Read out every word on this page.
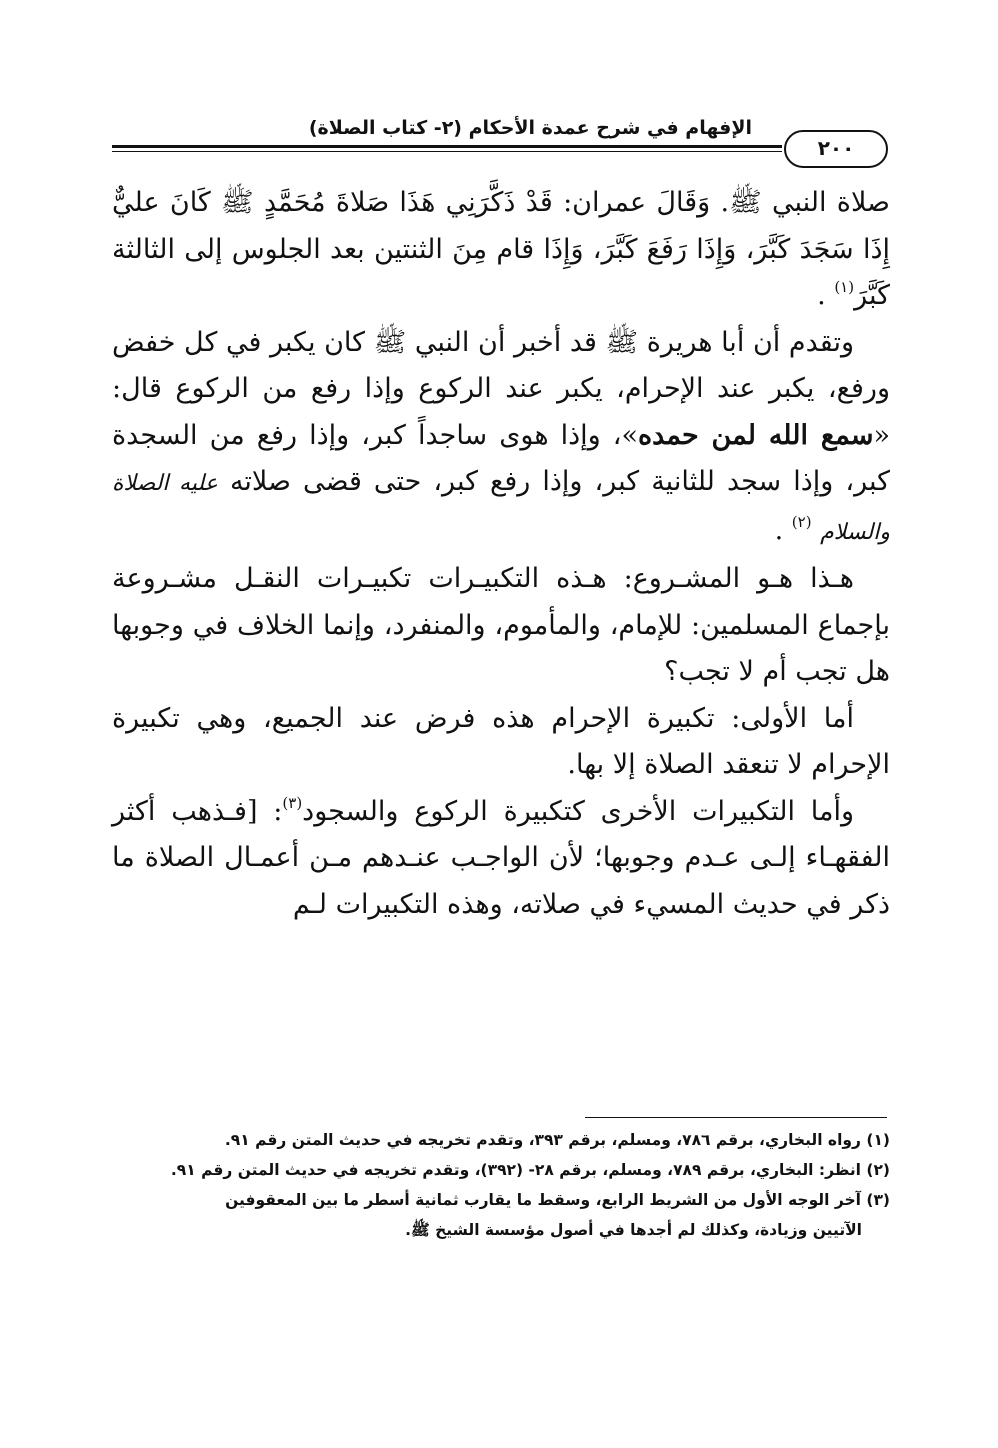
الإفهام في شرح عمدة الأحكام (٢- كتاب الصلاة)
٢٠٠

صلاة النبي ﷺ. وَقَالَ عمران: قَدْ ذَكَّرَنِي هَذَا صَلاةَ مُحَمَّدٍ ﷺ كَانَ عليٌّ إِذَا سَجَدَ كَبَّرَ، وَإِذَا رَفَعَ كَبَّرَ، وَإِذَا قام مِنَ الثنتين بعد الجلوس إلى الثالثة كَبَّرَ$^{(١)}$ .

وتقدم أن أبا هريرة ﷺ قد أخبر أن النبي ﷺ كان يكبر في كل خفض ورفع، يكبر عند الإحرام، يكبر عند الركوع وإذا رفع من الركوع قال: «سمع الله لمن حمده»، وإذا هوى ساجداً كبر، وإذا رفع من السجدة كبر، وإذا سجد للثانية كبر، وإذا رفع كبر، حتى قضى صلاته عليه الصلاة والسلام $^{(٢)}$ .

هـذا هـو المشـروع: هـذه التكبيـرات تكبيـرات النقـل مشـروعة بإجماع المسلمين: للإمام، والمأموم، والمنفرد، وإنما الخلاف في وجوبها هل تجب أم لا تجب؟

أما الأولى: تكبيرة الإحرام هذه فرض عند الجميع، وهي تكبيرة الإحرام لا تنعقد الصلاة إلا بها.

وأما التكبيرات الأخرى كتكبيرة الركوع والسجود$^{(٣)}$: [فـذهب أكثر الفقهـاء إلـى عـدم وجوبها؛ لأن الواجـب عنـدهم مـن أعمـال الصلاة ما ذكر في حديث المسيء في صلاته، وهذه التكبيرات لـم

(١) رواه البخاري، برقم ٧٨٦، ومسلم، برقم ٣٩٣، وتقدم تخريجه في حديث المتن رقم ٩١.

(٢) انظر: البخاري، برقم ٧٨٩، ومسلم، برقم ٢٨- (٣٩٢)، وتقدم تخريجه في حديث المتن رقم ٩١.

(٣) آخر الوجه الأول من الشريط الرابع، وسقط ما يقارب ثمانية أسطر ما بين المعقوفين

الآتيين وزيادة، وكذلك لم أجدها في أصول مؤسسة الشيخ ﷺ.
